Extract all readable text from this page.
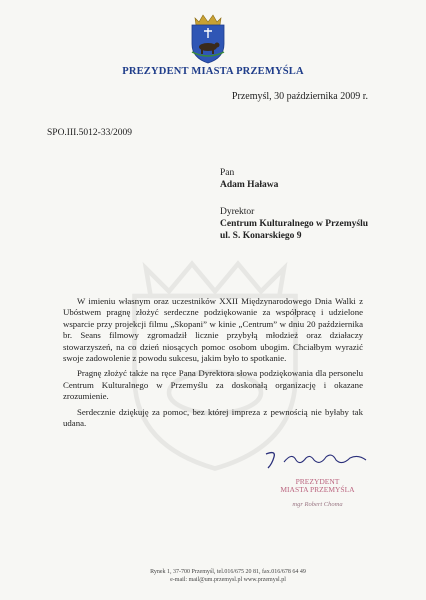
PREZYDENT MIASTA PRZEMYŚLA
Przemyśl, 30 października 2009 r.
SPO.III.5012-33/2009
Pan
Adam Haława
Dyrektor
Centrum Kulturalnego w Przemyślu
ul. S. Konarskiego 9

W imieniu własnym oraz uczestników XXII Międzynarodowego Dnia Walki z Ubóstwem pragnę złożyć serdeczne podziękowanie za współpracę i udzielone wsparcie przy projekcji filmu „Skopani” w kinie „Centrum” w dniu 20 października br. Seans filmowy zgromadził licznie przybyłą młodzież oraz działaczy stowarzyszeń, na co dzień niosących pomoc osobom ubogim. Chciałbym wyrazić swoje zadowolenie z powodu sukcesu, jakim było to spotkanie.

Pragnę złożyć także na ręce Pana Dyrektora słowa podziękowania dla personelu Centrum Kulturalnego w Przemyślu za doskonałą organizację i okazane zrozumienie.

Serdecznie dziękuję za pomoc, bez której impreza z pewnością nie byłaby tak udana.

PREZYDENT
MIASTA PRZEMYŚLA
mgr Robert Choma
Rynek 1, 37-700 Przemyśl, tel.016/675 20 81, fax.016/678 64 49
e-mail: mail@um.przemysl.pl www.przemysl.pl
